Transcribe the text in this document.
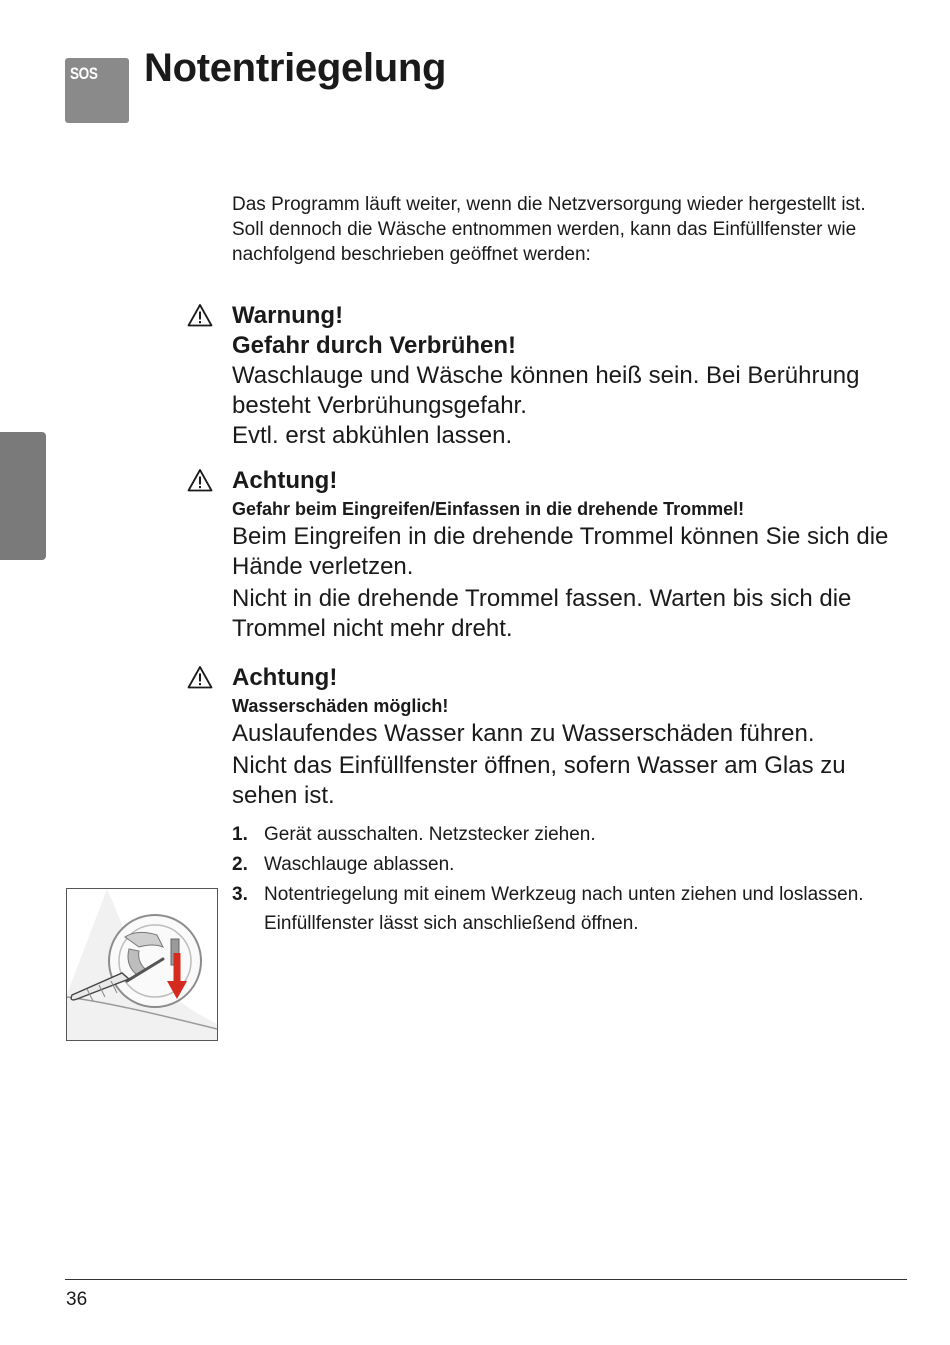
SOS Notentriegelung

Das Programm läuft weiter, wenn die Netzversorgung wieder hergestellt ist. Soll dennoch die Wäsche entnommen werden, kann das Einfüllfenster wie nachfolgend beschrieben geöffnet werden:

Warnung!

Gefahr durch Verbrühen!

Waschlauge und Wäsche können heiß sein. Bei Berührung besteht Verbrühungsgefahr.

Evtl. erst abkühlen lassen.

Achtung!

Gefahr beim Eingreifen/Einfassen in die drehende Trommel!

Beim Eingreifen in die drehende Trommel können Sie sich die Hände verletzen.

Nicht in die drehende Trommel fassen. Warten bis sich die Trommel nicht mehr dreht.

Achtung!

Wasserschäden möglich!

Auslaufendes Wasser kann zu Wasserschäden führen.

Nicht das Einfüllfenster öffnen, sofern Wasser am Glas zu sehen ist.

1. Gerät ausschalten. Netzstecker ziehen.
2. Waschlauge ablassen.
3. Notentriegelung mit einem Werkzeug nach unten ziehen und loslassen.
Einfüllfenster lässt sich anschließend öffnen.
36
